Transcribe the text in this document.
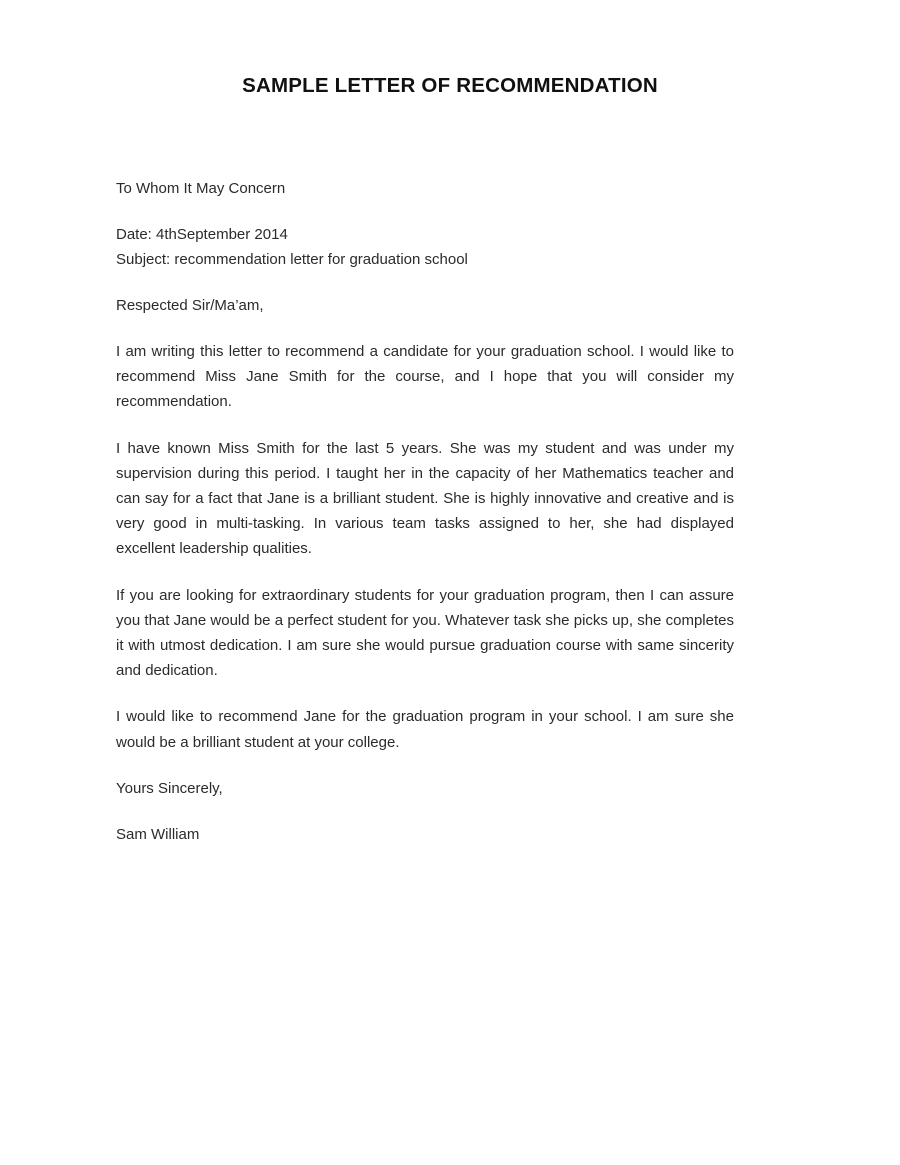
SAMPLE LETTER OF RECOMMENDATION

To Whom It May Concern

Date: 4thSeptember 2014

Subject: recommendation letter for graduation school

Respected Sir/Ma’am,

I am writing this letter to recommend a candidate for your graduation school. I would like to recommend Miss Jane Smith for the course, and I hope that you will consider my recommendation.

I have known Miss Smith for the last 5 years. She was my student and was under my supervision during this period. I taught her in the capacity of her Mathematics teacher and can say for a fact that Jane is a brilliant student. She is highly innovative and creative and is very good in multi-tasking. In various team tasks assigned to her, she had displayed excellent leadership qualities.

If you are looking for extraordinary students for your graduation program, then I can assure you that Jane would be a perfect student for you. Whatever task she picks up, she completes it with utmost dedication. I am sure she would pursue graduation course with same sincerity and dedication.

I would like to recommend Jane for the graduation program in your school. I am sure she would be a brilliant student at your college.

Yours Sincerely,

Sam William
